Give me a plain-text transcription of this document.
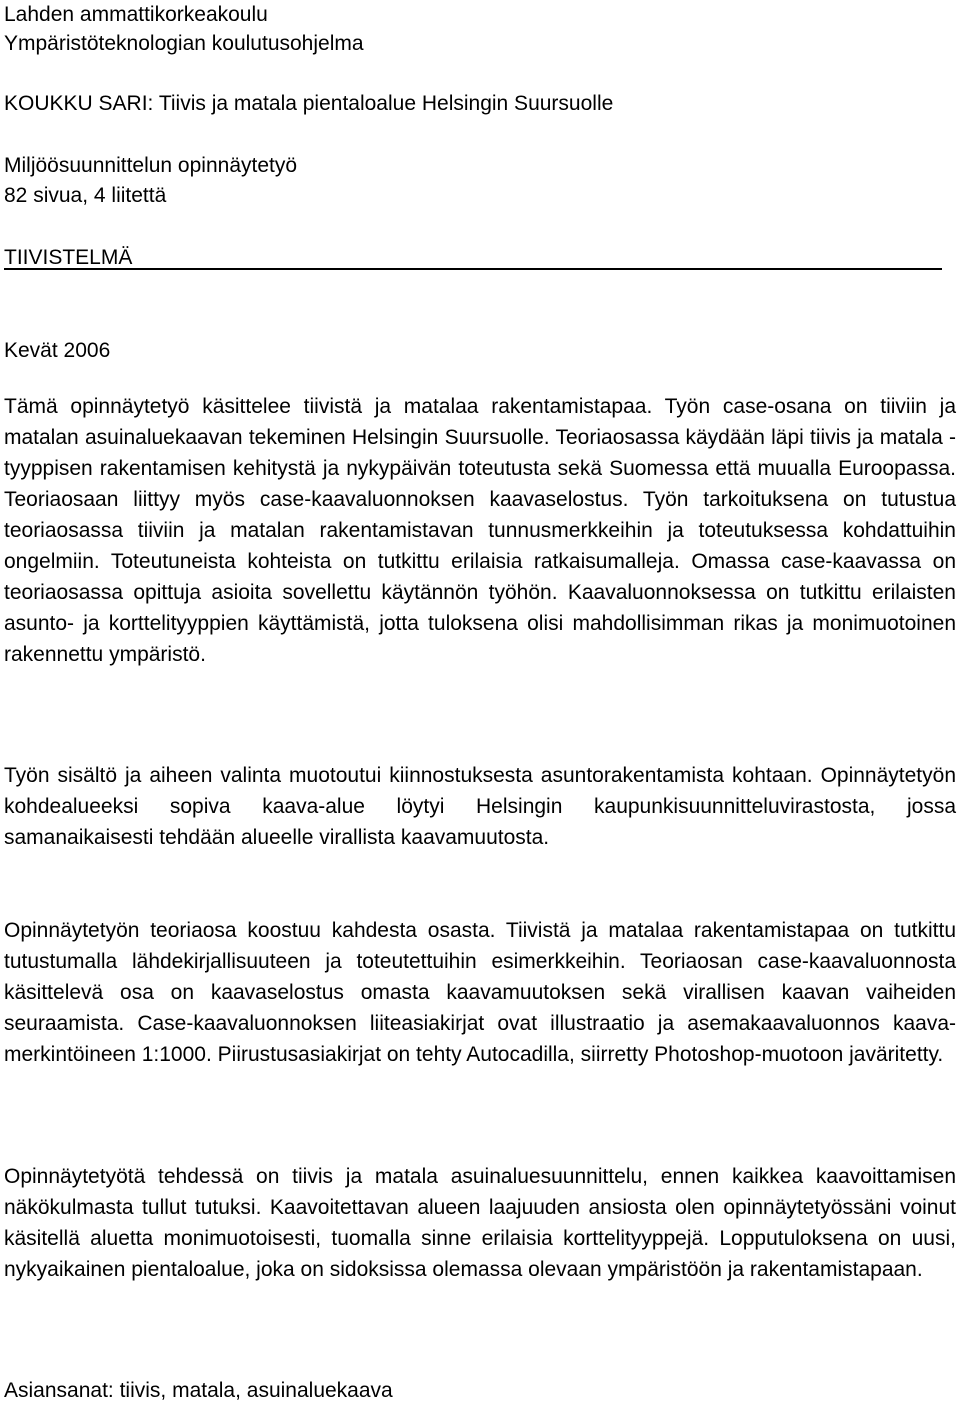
Lahden ammattikorkeakoulu
Ympäristöteknologian koulutusohjelma
KOUKKU SARI: Tiivis ja matala pientaloalue Helsingin Suursuolle
Miljöösuunnittelun opinnäytetyö
82 sivua, 4 liitettä
TIIVISTELMÄ
Kevät 2006

Tämä opinnäytetyö käsittelee tiivistä ja matalaa rakentamistapaa. Työn case-osana on tiiviin ja matalan asuinaluekaavan tekeminen Helsingin Suursuolle. Teoriaosassa käydään läpi tiivis ja matala -tyyppisen rakentamisen kehitystä ja nykypäivän toteutusta sekä Suomessa että muualla Euroopassa. Teoriaosaan liittyy myös case-kaavaluonnoksen kaavaselostus. Työn tarkoituksena on tutustua teoriaosassa tiiviin ja matalan rakentamistavan tunnusmerkkeihin ja toteutuksessa kohdattuihin ongelmiin. Toteutuneista kohteista on tutkittu erilaisia ratkaisumalleja. Omassa case-kaavassa on teoriaosassa opittuja asioita sovellettu käytännön työhön. Kaavaluonnoksessa on tutkittu erilaisten asunto- ja korttelityyppien käyttämistä, jotta tuloksena olisi mahdollisimman rikas ja monimuotoinen rakennettu ympäristö.

Työn sisältö ja aiheen valinta muotoutui kiinnostuksesta asuntorakentamista kohtaan. Opinnäytetyön kohdealueeksi sopiva kaava-alue löytyi Helsingin kaupunkisuunnitteluvirastosta, jossa samanaikaisesti tehdään alueelle virallista kaavamuutosta.

Opinnäytetyön teoriaosa koostuu kahdesta osasta. Tiivistä ja matalaa rakentamistapaa on tutkittu tutustumalla lähdekirjallisuuteen ja toteutettuihin esimerkkeihin. Teoriaosan case-kaavaluonnosta käsittelevä osa on kaavaselostus omasta kaavamuutoksen sekä virallisen kaavan vaiheiden seuraamista. Case-kaavaluonnoksen liiteasiakirjat ovat illustraatio ja asemakaavaluonnos kaavamerkintöineen 1:1000. Piirustusasiakirjat on tehty Autocadilla, siirretty Photoshop-muotoon javäritetty.

Opinnäytetyötä tehdessä on tiivis ja matala asuinaluesuunnittelu, ennen kaikkea kaavoittamisen näkökulmasta tullut tutuksi. Kaavoitettavan alueen laajuuden ansiosta olen opinnäytetyössäni voinut käsitellä aluetta monimuotoisesti, tuomalla sinne erilaisia korttelityyppejä. Lopputuloksena on uusi, nykyaikainen pientaloalue, joka on sidoksissa olemassa olevaan ympäristöön ja rakentamistapaan.

Asiansanat: tiivis, matala, asuinaluekaava
